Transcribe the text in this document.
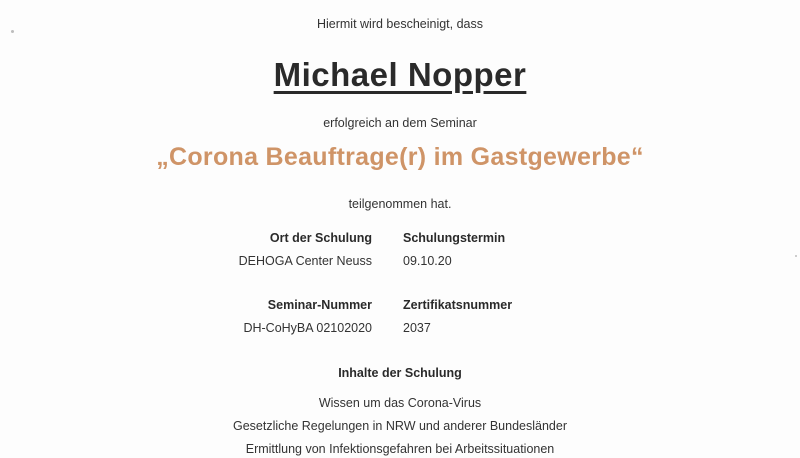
Hiermit wird bescheinigt, dass
Michael Nopper
erfolgreich an dem Seminar
„Corona Beauftrage(r) im Gastgewerbe“
teilgenommen hat.
Ort der Schulung
DEHOGA Center Neuss
Schulungstermin
09.10.20
Seminar-Nummer
DH-CoHyBA 02102020
Zertifikatsnummer
2037
Inhalte der Schulung
Wissen um das Corona-Virus
Gesetzliche Regelungen in NRW und anderer Bundesländer
Ermittlung von Infektionsgefahren bei Arbeitssituationen
